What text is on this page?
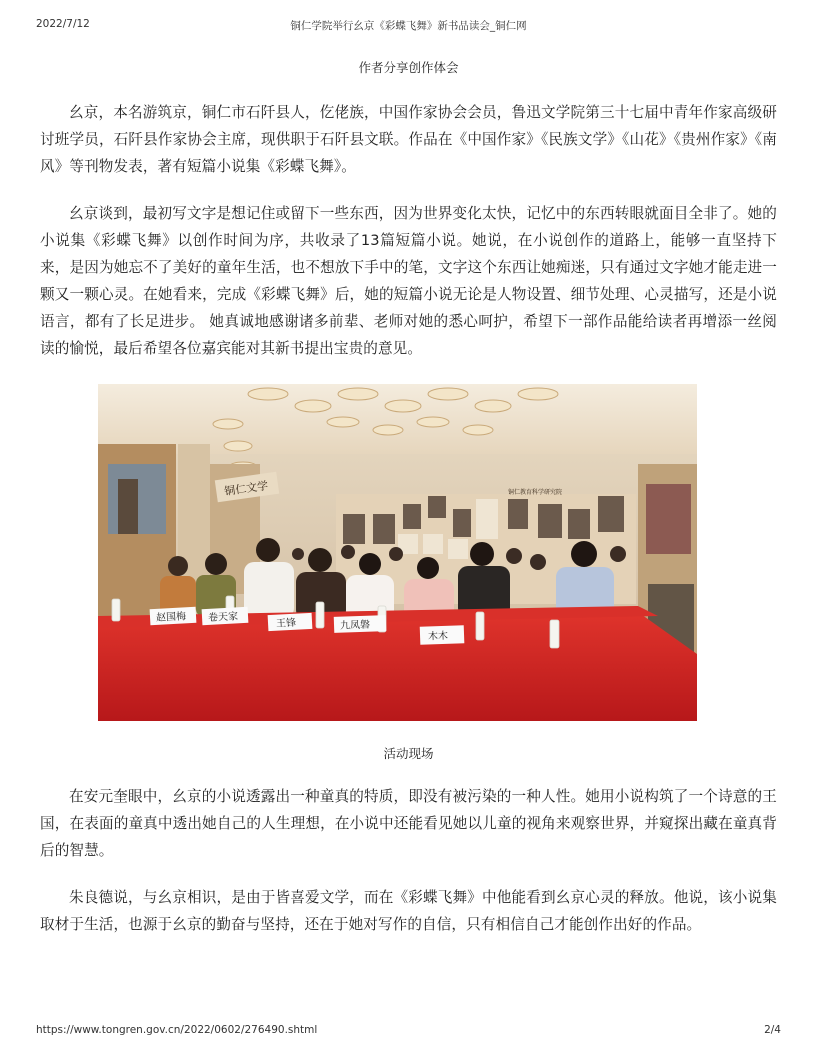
2022/7/12	铜仁学院举行幺京《彩蝶飞舞》新书品读会_铜仁网
作者分享创作体会

幺京，本名游筑京，铜仁市石阡县人，仡佬族，中国作家协会会员，鲁迅文学院第三十七届中青年作家高级研讨班学员，石阡县作家协会主席，现供职于石阡县文联。作品在《中国作家》《民族文学》《山花》《贵州作家》《南风》等刊物发表，著有短篇小说集《彩蝶飞舞》。

幺京谈到，最初写文字是想记住或留下一些东西，因为世界变化太快，记忆中的东西转眼就面目全非了。她的小说集《彩蝶飞舞》以创作时间为序，共收录了13篇短篇小说。她说，在小说创作的道路上，能够一直坚持下来，是因为她忘不了美好的童年生活，也不想放下手中的笔，文字这个东西让她痴迷，只有通过文字她才能走进一颗又一颗心灵。在她看来，完成《彩蝶飞舞》后，她的短篇小说无论是人物设置、细节处理、心灵描写，还是小说语言，都有了长足进步。 她真诚地感谢诸多前辈、老师对她的悉心呵护，希望下一部作品能给读者再增添一丝阅读的愉悦，最后希望各位嘉宾能对其新书提出宝贵的意见。

铜仁文学	铜仁教育科学研究院
赵国梅 卷天家	王锋	九凤磐
木木
活动现场

在安元奎眼中，幺京的小说透露出一种童真的特质，即没有被污染的一种人性。她用小说构筑了一个诗意的王国，在表面的童真中透出她自己的人生理想，在小说中还能看见她以儿童的视角来观察世界，并窥探出藏在童真背后的智慧。

朱良德说，与幺京相识，是由于皆喜爱文学，而在《彩蝶飞舞》中他能看到幺京心灵的释放。他说，该小说集取材于生活，也源于幺京的勤奋与坚持，还在于她对写作的自信，只有相信自己才能创作出好的作品。

https://www.tongren.gov.cn/2022/0602/276490.shtml	2/4
